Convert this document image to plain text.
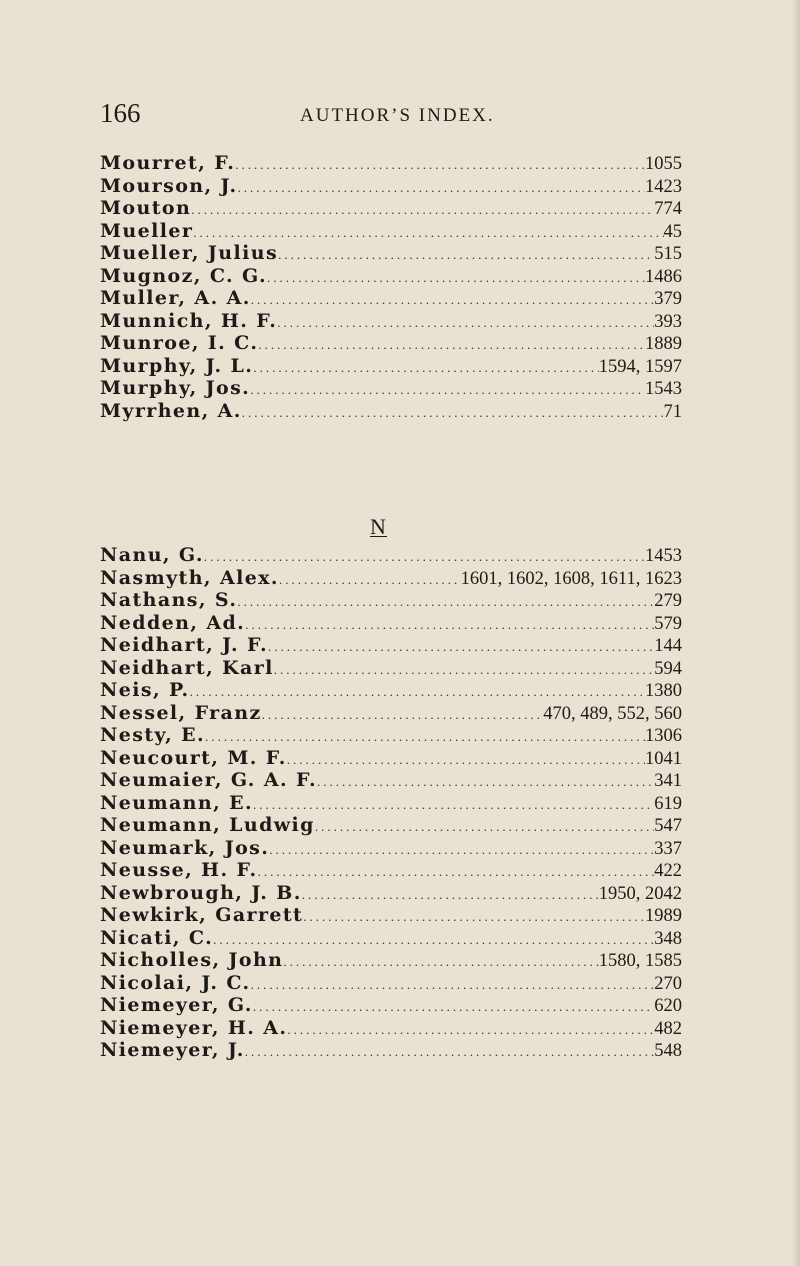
166	AUTHOR’S INDEX.
Mourret, F. .....	1055
Mourson, J. .....	1423
Mouton .....	774
Mueller .....	45
Mueller, Julius .....	515
Mugnoz, C. G. .....	1486
Muller, A. A. .....	379
Munnich, H. F. .....	393
Munroe, I. C. .....	1889
Murphy, J. L. .....	1594, 1597
Murphy, Jos. .....	1543
Myrrhen, A. .....	71
N
Nanu, G. .....	1453
Nasmyth, Alex. .....	1601, 1602, 1608, 1611, 1623
Nathans, S. .....	279
Nedden, Ad. .....	579
Neidhart, J. F. .....	144
Neidhart, Karl .....	594
Neis, P. .....	1380
Nessel, Franz .....	470, 489, 552, 560
Nesty, E. .....	1306
Neucourt, M. F. .....	1041
Neumaier, G. A. F. .....	341
Neumann, E. .....	619
Neumann, Ludwig .....	547
Neumark, Jos. .....	337
Neusse, H. F. .....	422
Newbrough, J. B. .....	1950, 2042
Newkirk, Garrett .....	1989
Nicati, C. .....	348
Nicholles, John .....	1580, 1585
Nicolai, J. C. .....	270
Niemeyer, G. .....	620
Niemeyer, H. A. .....	482
Niemeyer, J. .....	548
